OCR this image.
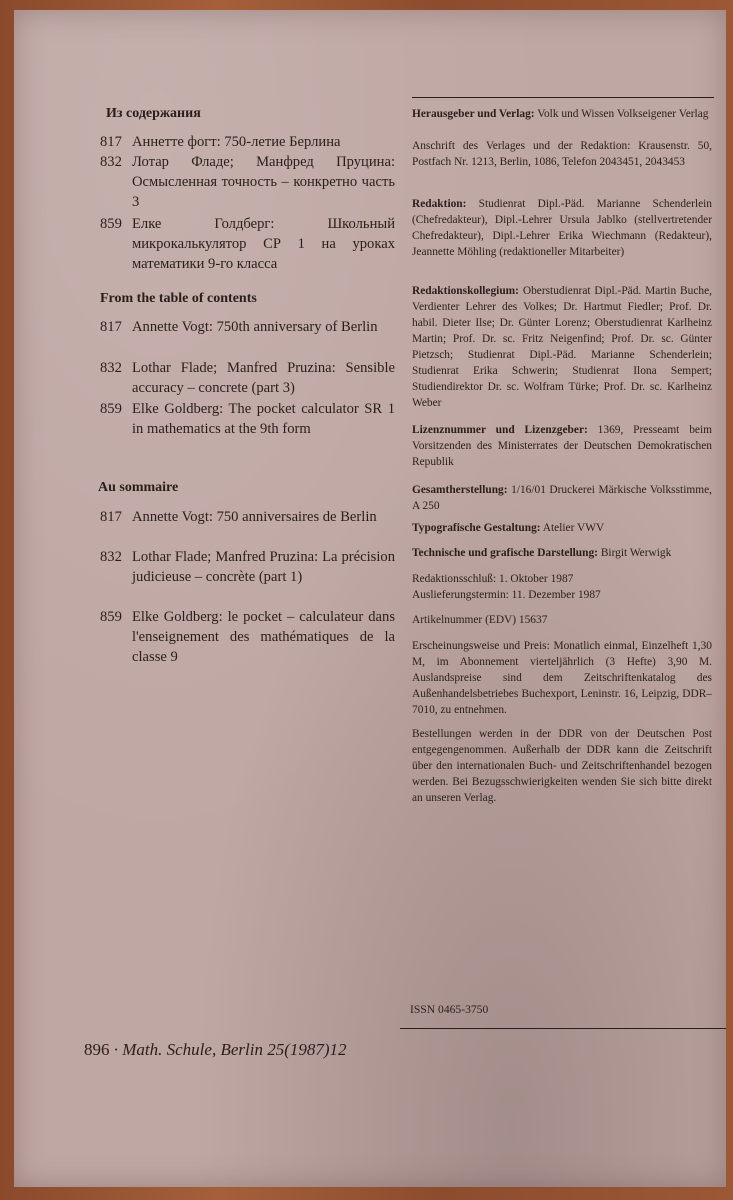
Из содержания
817 Аннетте фогт: 750-летие Берлина
832 Лотар Фладе; Манфред Пруцина: Осмысленная точность – конкретно часть 3
859 Елке Голдберг: Школьный микрокалькулятор СР 1 на уроках математики 9-го класса
From the table of contents
817 Annette Vogt: 750th anniversary of Berlin
832 Lothar Flade; Manfred Pruzina: Sensible accuracy – concrete (part 3)
859 Elke Goldberg: The pocket calculator SR 1 in mathematics at the 9th form
Au sommaire
817 Annette Vogt: 750 anniversaires de Berlin
832 Lothar Flade; Manfred Pruzina: La précision judicieuse – concrète (part 1)
859 Elke Goldberg: le pocket – calculateur dans l'enseignement des mathématiques de la classe 9
Herausgeber und Verlag: Volk und Wissen Volkseigener Verlag
Anschrift des Verlages und der Redaktion: Krausenstr. 50, Postfach Nr. 1213, Berlin, 1086, Telefon 2043451, 2043453
Redaktion: Studienrat Dipl.-Päd. Marianne Schenderlein (Chefredakteur), Dipl.-Lehrer Ursula Jablko (stellvertretender Chefredakteur), Dipl.-Lehrer Erika Wiechmann (Redakteur), Jeannette Möhling (redaktioneller Mitarbeiter)
Redaktionskollegium: Oberstudienrat Dipl.-Päd. Martin Buche, Verdienter Lehrer des Volkes; Dr. Hartmut Fiedler; Prof. Dr. habil. Dieter Ilse; Dr. Günter Lorenz; Oberstudienrat Karlheinz Martin; Prof. Dr. sc. Fritz Neigenfind; Prof. Dr. sc. Günter Pietzsch; Studienrat Dipl.-Päd. Marianne Schenderlein; Studienrat Erika Schwerin; Studienrat Ilona Sempert; Studiendirektor Dr. sc. Wolfram Türke; Prof. Dr. sc. Karlheinz Weber
Lizenznummer und Lizenzgeber: 1369, Presseamt beim Vorsitzenden des Ministerrates der Deutschen Demokratischen Republik
Gesamtherstellung: 1/16/01 Druckerei Märkische Volksstimme, A 250
Typografische Gestaltung: Atelier VWV
Technische und grafische Darstellung: Birgit Werwigk
Redaktionsschluß: 1. Oktober 1987
Auslieferungstermin: 11. Dezember 1987
Artikelnummer (EDV) 15637
Erscheinungsweise und Preis: Monatlich einmal, Einzelheft 1,30 M, im Abonnement vierteljährlich (3 Hefte) 3,90 M. Auslandspreise sind dem Zeitschriftenkatalog des Außenhandelsbetriebes Buchexport, Leninstr. 16, Leipzig, DDR–7010, zu entnehmen.
Bestellungen werden in der DDR von der Deutschen Post entgegengenommen. Außerhalb der DDR kann die Zeitschrift über den internationalen Buch- und Zeitschriftenhandel bezogen werden. Bei Bezugsschwierigkeiten wenden Sie sich bitte direkt an unseren Verlag.
ISSN 0465-3750
896 · Math. Schule, Berlin 25(1987)12
